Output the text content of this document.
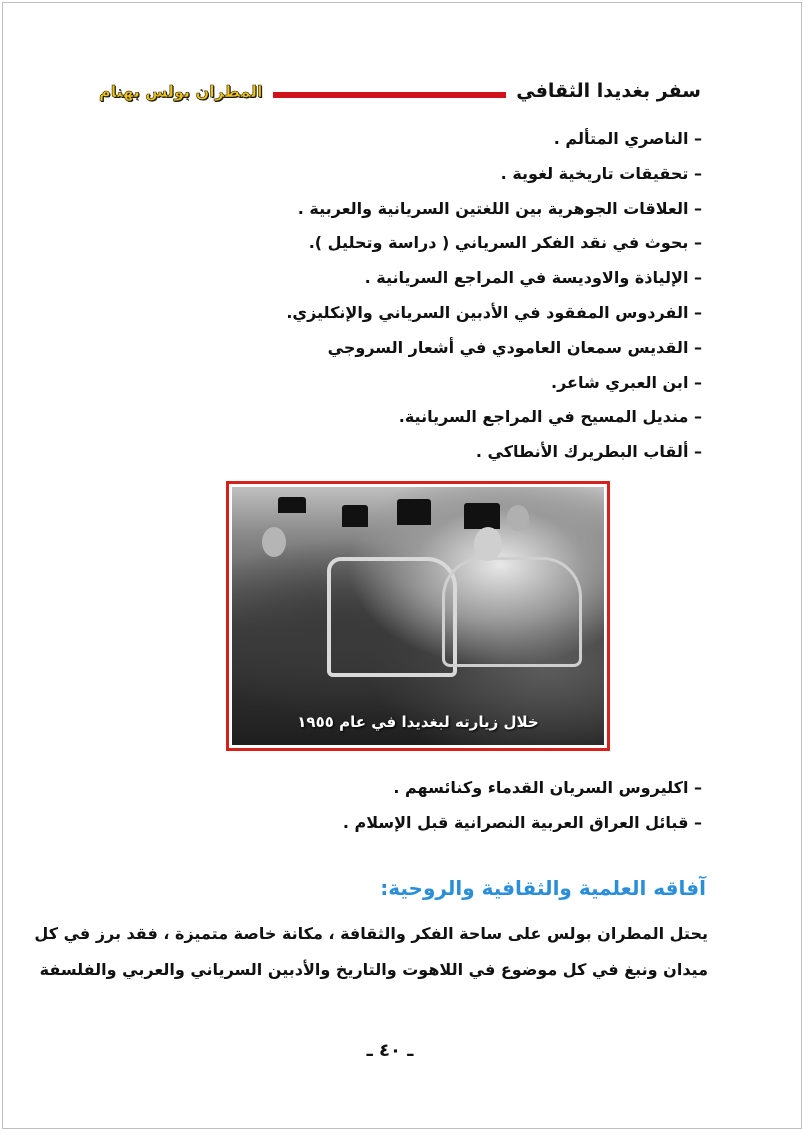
سفر بغديدا الثقافي
المطران بولس بهنام
– الناصري المتألم .
– تحقيقات تاريخية لغوية .
– العلاقات الجوهرية بين اللغتين السريانية والعربية .
– بحوث في نقد الفكر السرياني ( دراسة وتحليل ).
– الإلياذة والاوديسة في المراجع السريانية .
– الفردوس المفقود في الأدبين السرياني والإنكليزي.
– القديس سمعان العامودي في أشعار السروجي
– ابن العبري شاعر.
– منديل المسيح في المراجع السريانية.
– ألقاب البطريرك الأنطاكي .
خلال زيارته لبغديدا في عام ١٩٥٥
– اكليروس السريان القدماء وكنائسهم .
– قبائل العراق العربية النصرانية قبل الإسلام .
آفاقه العلمية والثقافية والروحية:
يحتل المطران بولس على ساحة الفكر والثقافة ، مكانة خاصة متميزة ، فقد برز في كل
ميدان ونبغ في كل موضوع في اللاهوت والتاريخ والأدبين السرياني والعربي والفلسفة
ـ ٤٠ ـ
